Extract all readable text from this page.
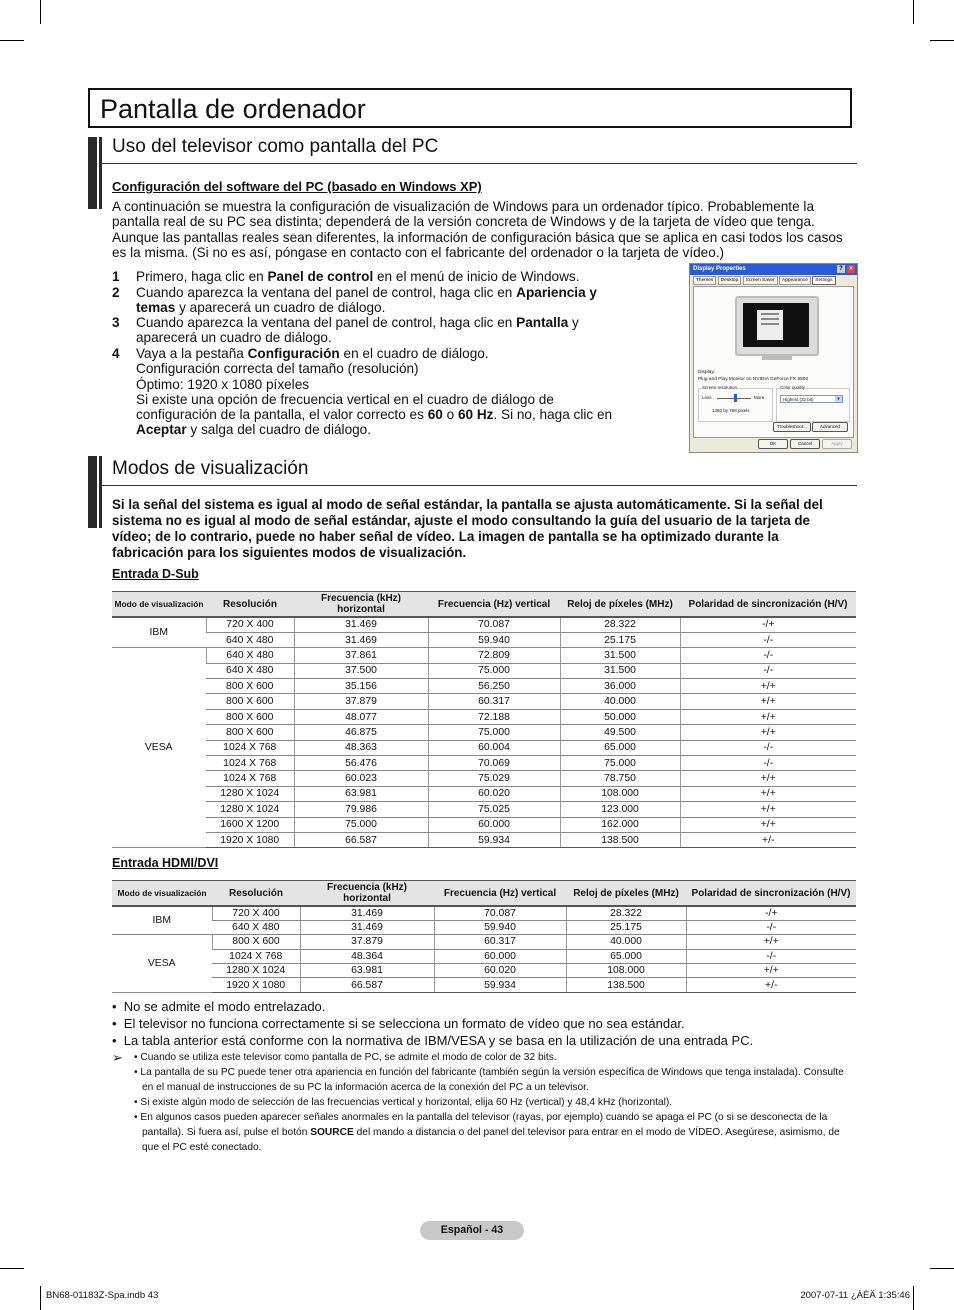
Pantalla de ordenador
Uso del televisor como pantalla del PC
Configuración del software del PC (basado en Windows XP)
A continuación se muestra la configuración de visualización de Windows para un ordenador típico. Probablemente la pantalla real de su PC sea distinta; dependerá de la versión concreta de Windows y de la tarjeta de vídeo que tenga. Aunque las pantallas reales sean diferentes, la información de configuración básica que se aplica en casi todos los casos es la misma. (Si no es así, póngase en contacto con el fabricante del ordenador o la tarjeta de vídeo.)
1 Primero, haga clic en Panel de control en el menú de inicio de Windows.
2 Cuando aparezca la ventana del panel de control, haga clic en Apariencia y temas y aparecerá un cuadro de diálogo.
3 Cuando aparezca la ventana del panel de control, haga clic en Pantalla y aparecerá un cuadro de diálogo.
4 Vaya a la pestaña Configuración en el cuadro de diálogo.
Configuración correcta del tamaño (resolución)
Óptimo: 1920 x 1080 píxeles
Si existe una opción de frecuencia vertical en el cuadro de diálogo de configuración de la pantalla, el valor correcto es 60 o 60 Hz. Si no, haga clic en Aceptar y salga del cuadro de diálogo.
Display Properties	?	×
Themes Desktop Screen Saver Appearance Settings
Display:
Plug and Play Monitor on NVIDIA GeForce FX 5500
Screen resolution
Less	More
1360 by 768 pixels
Color quality
Highest (32 bit)	▼
Troubleshoot...	Advanced
OK	Cancel	Apply
Modos de visualización
Si la señal del sistema es igual al modo de señal estándar, la pantalla se ajusta automáticamente. Si la señal del sistema no es igual al modo de señal estándar, ajuste el modo consultando la guía del usuario de la tarjeta de vídeo; de lo contrario, puede no haber señal de vídeo. La imagen de pantalla se ha optimizado durante la fabricación para los siguientes modos de visualización.
Entrada D-Sub
Modo de visualización	Resolución	Frecuencia (kHz) horizontal	Frecuencia (Hz) vertical	Reloj de píxeles (MHz)	Polaridad de sincronización (H/V)
IBM	720 X 400	31.469	70.087	28.322	-/+
	640 X 480	31.469	59.940	25.175	-/-
VESA	640 X 480	37.861	72.809	31.500	-/-
	640 X 480	37.500	75.000	31.500	-/-
	800 X 600	35.156	56.250	36.000	+/+
	800 X 600	37.879	60.317	40.000	+/+
	800 X 600	48.077	72.188	50.000	+/+
	800 X 600	46.875	75.000	49.500	+/+
	1024 X 768	48.363	60.004	65.000	-/-
	1024 X 768	56.476	70.069	75.000	-/-
	1024 X 768	60.023	75.029	78.750	+/+
	1280 X 1024	63.981	60.020	108.000	+/+
	1280 X 1024	79.986	75.025	123.000	+/+
	1600 X 1200	75.000	60.000	162.000	+/+
	1920 X 1080	66.587	59.934	138.500	+/-
Entrada HDMI/DVI
Modo de visualización	Resolución	Frecuencia (kHz) horizontal	Frecuencia (Hz) vertical	Reloj de píxeles (MHz)	Polaridad de sincronización (H/V)
IBM	720 X 400	31.469	70.087	28.322	-/+
	640 X 480	31.469	59.940	25.175	-/-
VESA	800 X 600	37.879	60.317	40.000	+/+
	1024 X 768	48.364	60.000	65.000	-/-
	1280 X 1024	63.981	60.020	108.000	+/+
	1920 X 1080	66.587	59.934	138.500	+/-
•  No se admite el modo entrelazado.
•  El televisor no funciona correctamente si se selecciona un formato de vídeo que no sea estándar.
•  La tabla anterior está conforme con la normativa de IBM/VESA y se basa en la utilización de una entrada PC.
➢ • Cuando se utiliza este televisor como pantalla de PC, se admite el modo de color de 32 bits.
• La pantalla de su PC puede tener otra apariencia en función del fabricante (también según la versión específica de Windows que tenga instalada). Consulte en el manual de instrucciones de su PC la información acerca de la conexión del PC a un televisor.
• Si existe algún modo de selección de las frecuencias vertical y horizontal, elija 60 Hz (vertical) y 48,4 kHz (horizontal).
• En algunos casos pueden aparecer señales anormales en la pantalla del televisor (rayas, por ejemplo) cuando se apaga el PC (o si se desconecta de la pantalla). Si fuera así, pulse el botón SOURCE del mando a distancia o del panel del televisor para entrar en el modo de VÍDEO. Asegúrese, asimismo, de que el PC esté conectado.
Español - 43
BN68-01183Z-Spa.indb 43	2007-07-11 ¿ÀÈÄ 1:35:46
